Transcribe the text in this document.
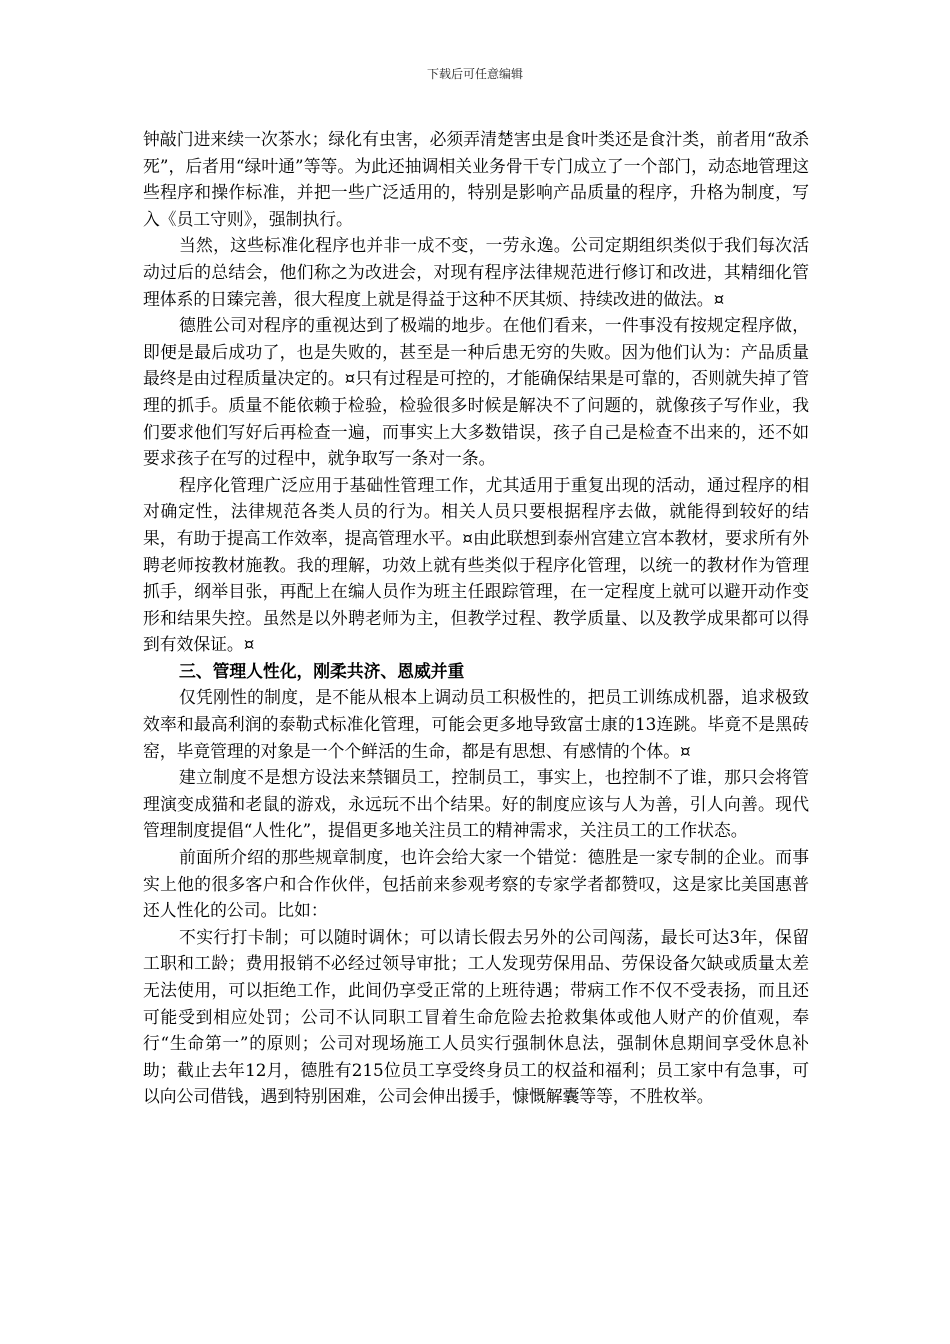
下载后可任意编辑

钟敲门进来续一次茶水；绿化有虫害，必须弄清楚害虫是食叶类还是食汁类，前者用“敌杀死”，后者用“绿叶通”等等。为此还抽调相关业务骨干专门成立了一个部门，动态地管理这些程序和操作标准，并把一些广泛适用的，特别是影响产品质量的程序，升格为制度，写入《员工守则》，强制执行。

当然，这些标准化程序也并非一成不变，一劳永逸。公司定期组织类似于我们每次活动过后的总结会，他们称之为改进会，对现有程序法律规范进行修订和改进，其精细化管理体系的日臻完善，很大程度上就是得益于这种不厌其烦、持续改进的做法。¤

德胜公司对程序的重视达到了极端的地步。在他们看来，一件事没有按规定程序做，即便是最后成功了，也是失败的，甚至是一种后患无穷的失败。因为他们认为：产品质量最终是由过程质量决定的。¤只有过程是可控的，才能确保结果是可靠的，否则就失掉了管理的抓手。质量不能依赖于检验，检验很多时候是解决不了问题的，就像孩子写作业，我们要求他们写好后再检查一遍，而事实上大多数错误，孩子自己是检查不出来的，还不如要求孩子在写的过程中，就争取写一条对一条。

程序化管理广泛应用于基础性管理工作，尤其适用于重复出现的活动，通过程序的相对确定性，法律规范各类人员的行为。相关人员只要根据程序去做，就能得到较好的结果，有助于提高工作效率，提高管理水平。¤由此联想到泰州宫建立宫本教材，要求所有外聘老师按教材施教。我的理解，功效上就有些类似于程序化管理，以统一的教材作为管理抓手，纲举目张，再配上在编人员作为班主任跟踪管理，在一定程度上就可以避开动作变形和结果失控。虽然是以外聘老师为主，但教学过程、教学质量、以及教学成果都可以得到有效保证。¤

三、管理人性化，刚柔共济、恩威并重

仅凭刚性的制度，是不能从根本上调动员工积极性的，把员工训练成机器，追求极致效率和最高利润的泰勒式标准化管理，可能会更多地导致富士康的13连跳。毕竟不是黑砖窑，毕竟管理的对象是一个个鲜活的生命，都是有思想、有感情的个体。¤

建立制度不是想方设法来禁锢员工，控制员工，事实上，也控制不了谁，那只会将管理演变成猫和老鼠的游戏，永远玩不出个结果。好的制度应该与人为善，引人向善。现代管理制度提倡“人性化”，提倡更多地关注员工的精神需求，关注员工的工作状态。

前面所介绍的那些规章制度，也许会给大家一个错觉：德胜是一家专制的企业。而事实上他的很多客户和合作伙伴，包括前来参观考察的专家学者都赞叹，这是家比美国惠普还人性化的公司。比如：

不实行打卡制；可以随时调休；可以请长假去另外的公司闯荡，最长可达3年，保留工职和工龄；费用报销不必经过领导审批；工人发现劳保用品、劳保设备欠缺或质量太差无法使用，可以拒绝工作，此间仍享受正常的上班待遇；带病工作不仅不受表扬，而且还可能受到相应处罚；公司不认同职工冒着生命危险去抢救集体或他人财产的价值观，奉行“生命第一”的原则；公司对现场施工人员实行强制休息法，强制休息期间享受休息补助；截止去年12月，德胜有215位员工享受终身员工的权益和福利；员工家中有急事，可以向公司借钱，遇到特别困难，公司会伸出援手，慷慨解囊等等，不胜枚举。
